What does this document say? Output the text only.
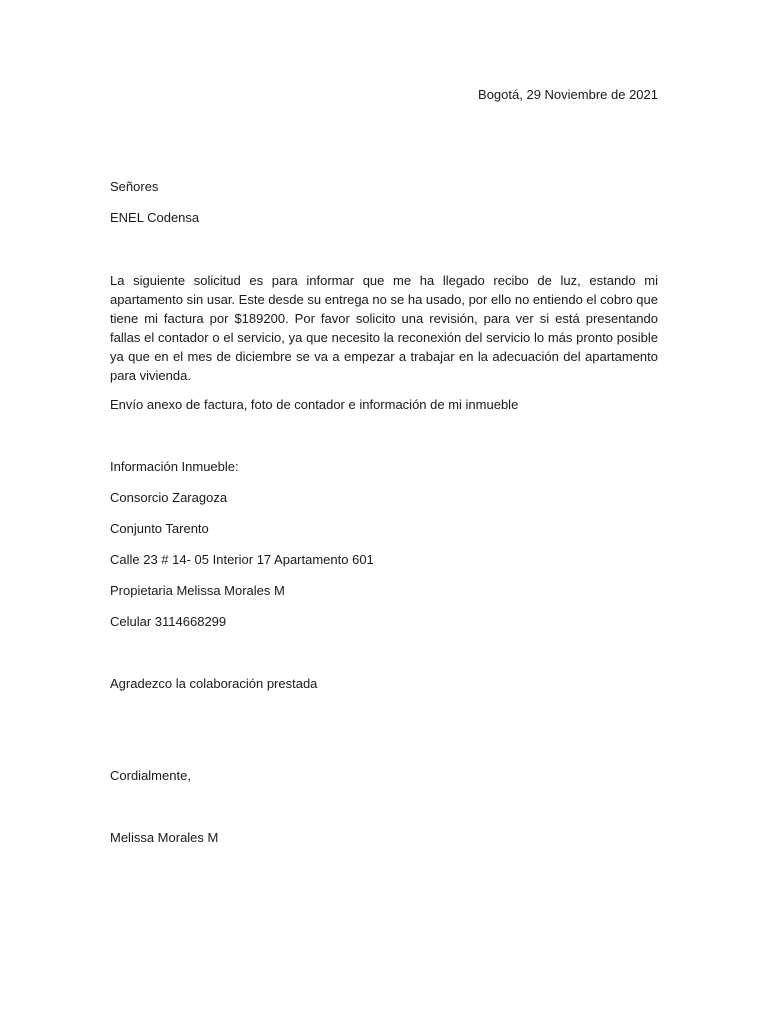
Bogotá, 29 Noviembre de 2021
Señores
ENEL Codensa
La siguiente solicitud es para informar que me ha llegado recibo de luz, estando mi
apartamento sin usar. Este desde su entrega no se ha usado, por ello no entiendo el cobro que
tiene mi factura por $189200. Por favor solicito una revisión, para ver si está presentando
fallas el contador o el servicio, ya que necesito la reconexión del servicio lo más pronto posible
ya que en el mes de diciembre se va a empezar a trabajar en la adecuación del apartamento
para vivienda.
Envío anexo de factura, foto de contador e información de mi inmueble
Información Inmueble:
Consorcio Zaragoza
Conjunto Tarento
Calle 23 # 14- 05 Interior 17 Apartamento 601
Propietaria Melissa Morales M
Celular 3114668299
Agradezco la colaboración prestada
Cordialmente,
Melissa Morales M
